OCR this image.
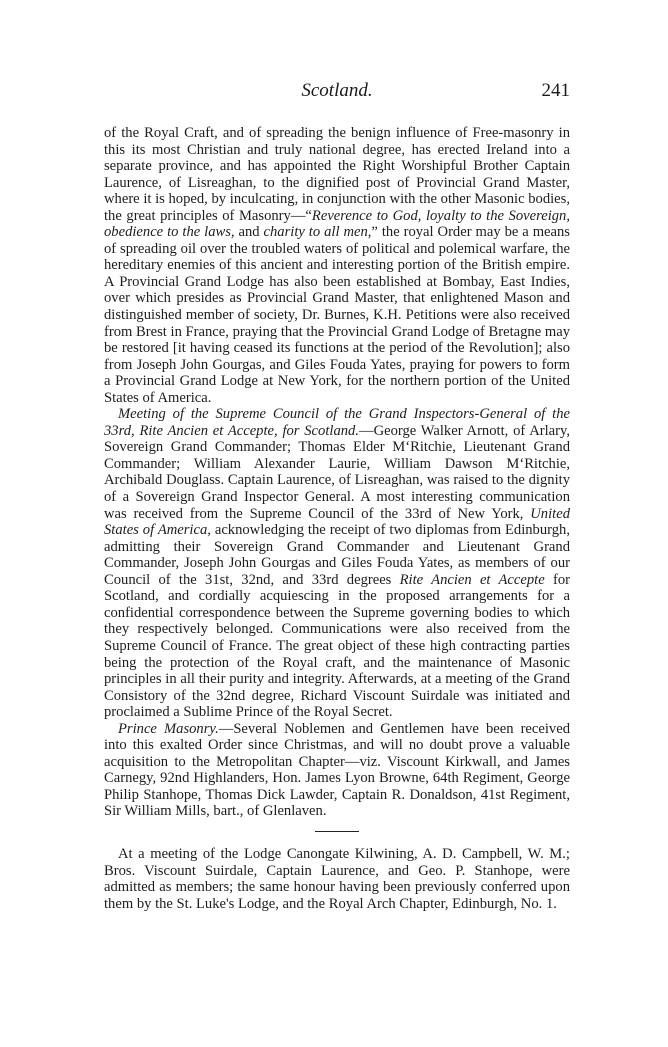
Scotland.	241

of the Royal Craft, and of spreading the benign influence of Free-masonry in this its most Christian and truly national degree, has erected Ireland into a separate province, and has appointed the Right Worshipful Brother Captain Laurence, of Lisreaghan, to the dignified post of Provincial Grand Master, where it is hoped, by inculcating, in conjunction with the other Masonic bodies, the great principles of Masonry—“Reverence to God, loyalty to the Sovereign, obedience to the laws, and charity to all men,” the royal Order may be a means of spreading oil over the troubled waters of political and polemical warfare, the hereditary enemies of this ancient and interesting portion of the British empire. A Provincial Grand Lodge has also been established at Bombay, East Indies, over which presides as Provincial Grand Master, that enlightened Mason and distinguished member of society, Dr. Burnes, K.H. Petitions were also received from Brest in France, praying that the Provincial Grand Lodge of Bretagne may be restored [it having ceased its functions at the period of the Revolution]; also from Joseph John Gourgas, and Giles Fouda Yates, praying for powers to form a Provincial Grand Lodge at New York, for the northern portion of the United States of America.

Meeting of the Supreme Council of the Grand Inspectors-General of the 33rd, Rite Ancien et Accepte, for Scotland.—George Walker Arnott, of Arlary, Sovereign Grand Commander; Thomas Elder M‘Ritchie, Lieutenant Grand Commander; William Alexander Laurie, William Dawson M‘Ritchie, Archibald Douglass. Captain Laurence, of Lisreaghan, was raised to the dignity of a Sovereign Grand Inspector General. A most interesting communication was received from the Supreme Council of the 33rd of New York, United States of America, acknowledging the receipt of two diplomas from Edinburgh, admitting their Sovereign Grand Commander and Lieutenant Grand Commander, Joseph John Gourgas and Giles Fouda Yates, as members of our Council of the 31st, 32nd, and 33rd degrees Rite Ancien et Accepte for Scotland, and cordially acquiescing in the proposed arrangements for a confidential correspondence between the Supreme governing bodies to which they respectively belonged. Communications were also received from the Supreme Council of France. The great object of these high contracting parties being the protection of the Royal craft, and the maintenance of Masonic principles in all their purity and integrity. Afterwards, at a meeting of the Grand Consistory of the 32nd degree, Richard Viscount Suirdale was initiated and proclaimed a Sublime Prince of the Royal Secret.

Prince Masonry.—Several Noblemen and Gentlemen have been received into this exalted Order since Christmas, and will no doubt prove a valuable acquisition to the Metropolitan Chapter—viz. Viscount Kirkwall, and James Carnegy, 92nd Highlanders, Hon. James Lyon Browne, 64th Regiment, George Philip Stanhope, Thomas Dick Lawder, Captain R. Donaldson, 41st Regiment, Sir William Mills, bart., of Glenlaven.

At a meeting of the Lodge Canongate Kilwining, A. D. Campbell, W. M.; Bros. Viscount Suirdale, Captain Laurence, and Geo. P. Stanhope, were admitted as members; the same honour having been previously conferred upon them by the St. Luke's Lodge, and the Royal Arch Chapter, Edinburgh, No. 1.
